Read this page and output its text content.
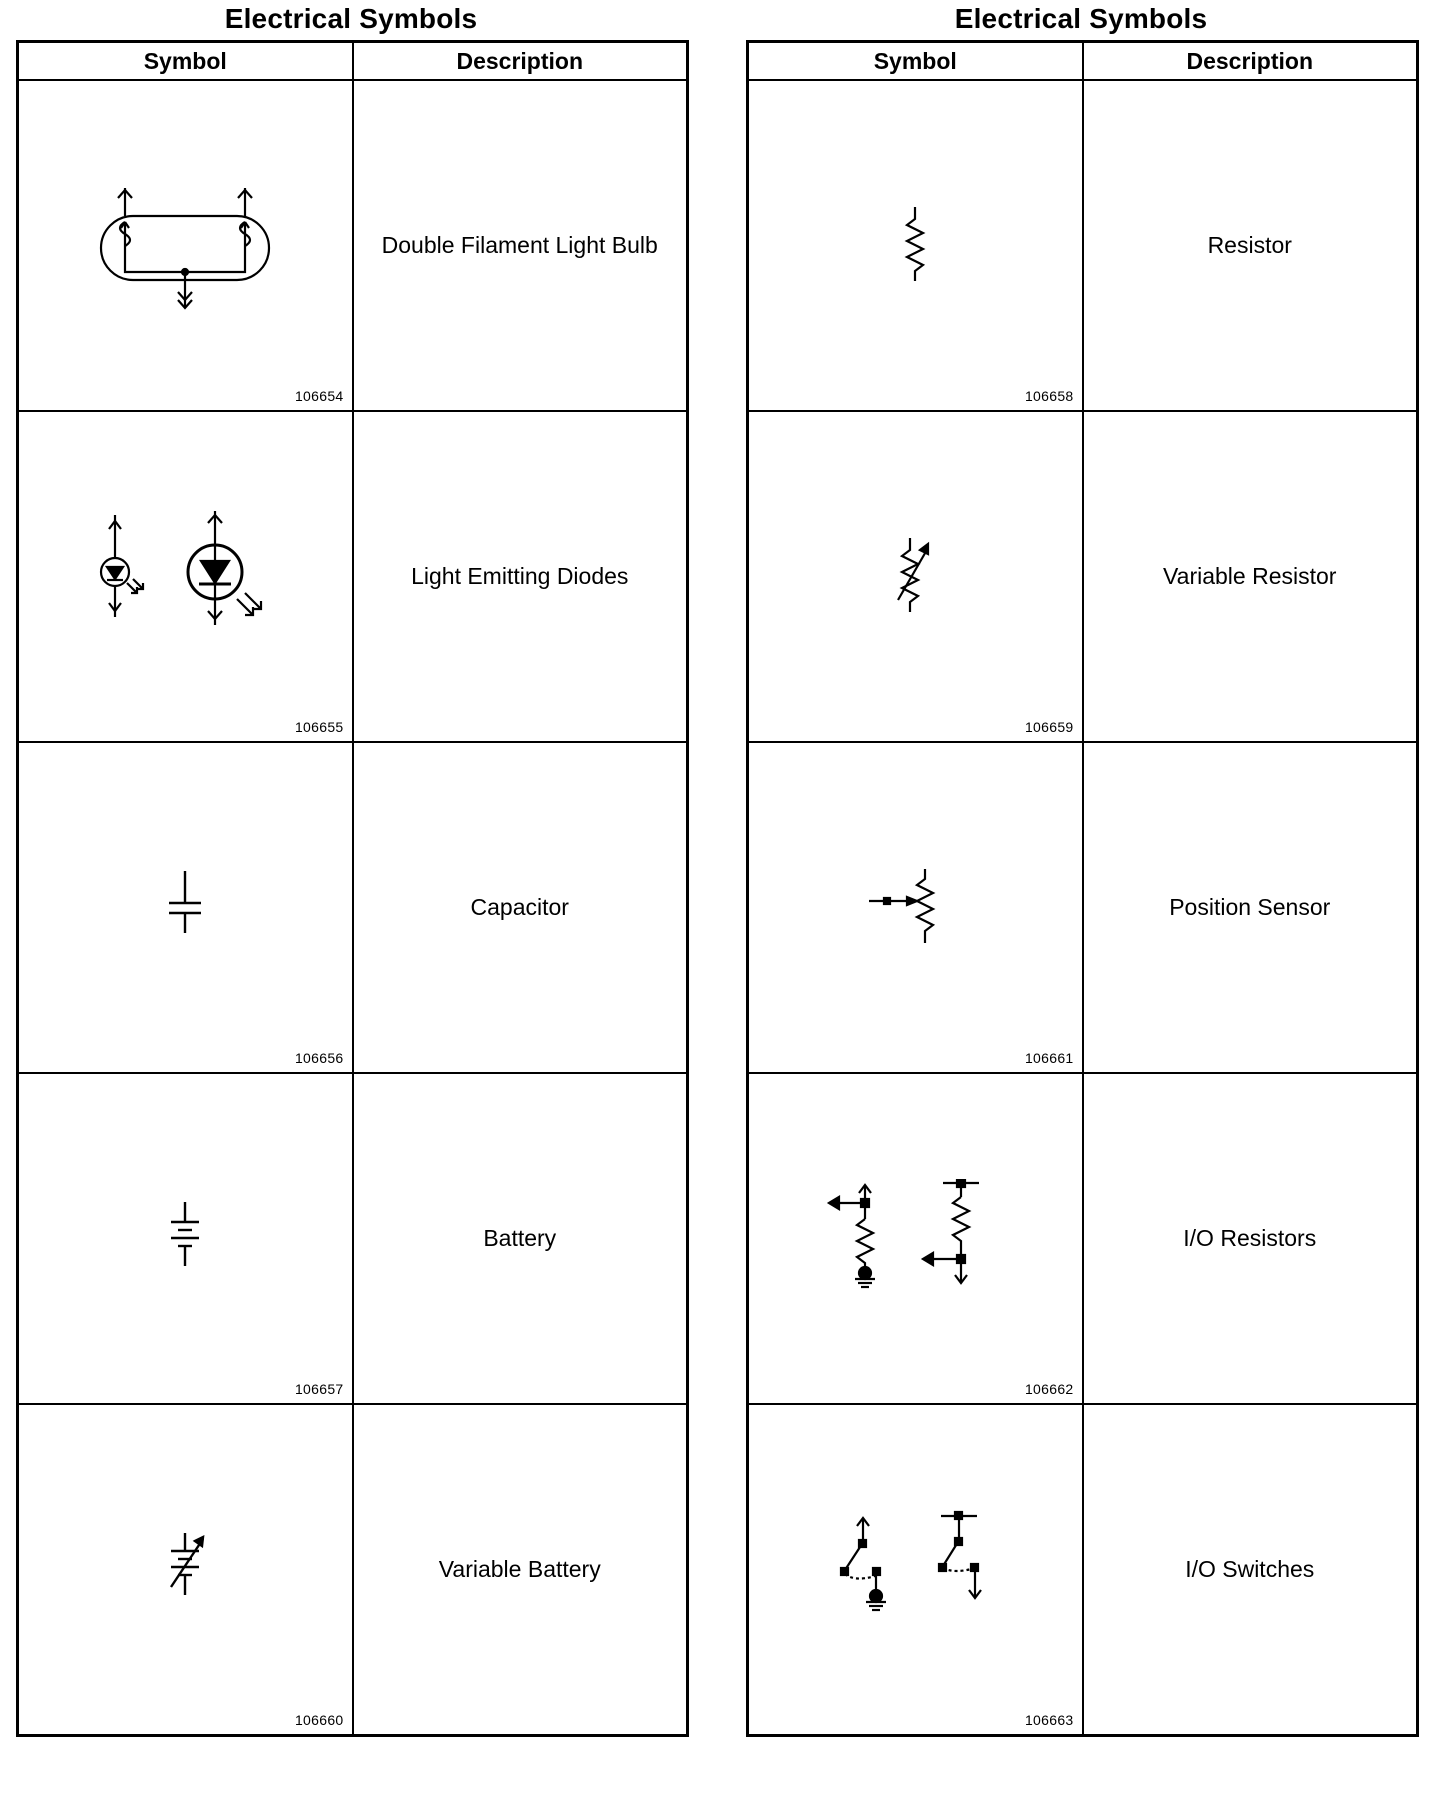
Electrical Symbols
Symbol	Description

106654	Double Filament Light Bulb

106655	Light Emitting Diodes

106656	Capacitor

106657	Battery

106660	Variable Battery
Electrical Symbols
Symbol	Description

106658	Resistor

106659	Variable Resistor

106661	Position Sensor

106662	I/O Resistors

106663	I/O Switches
